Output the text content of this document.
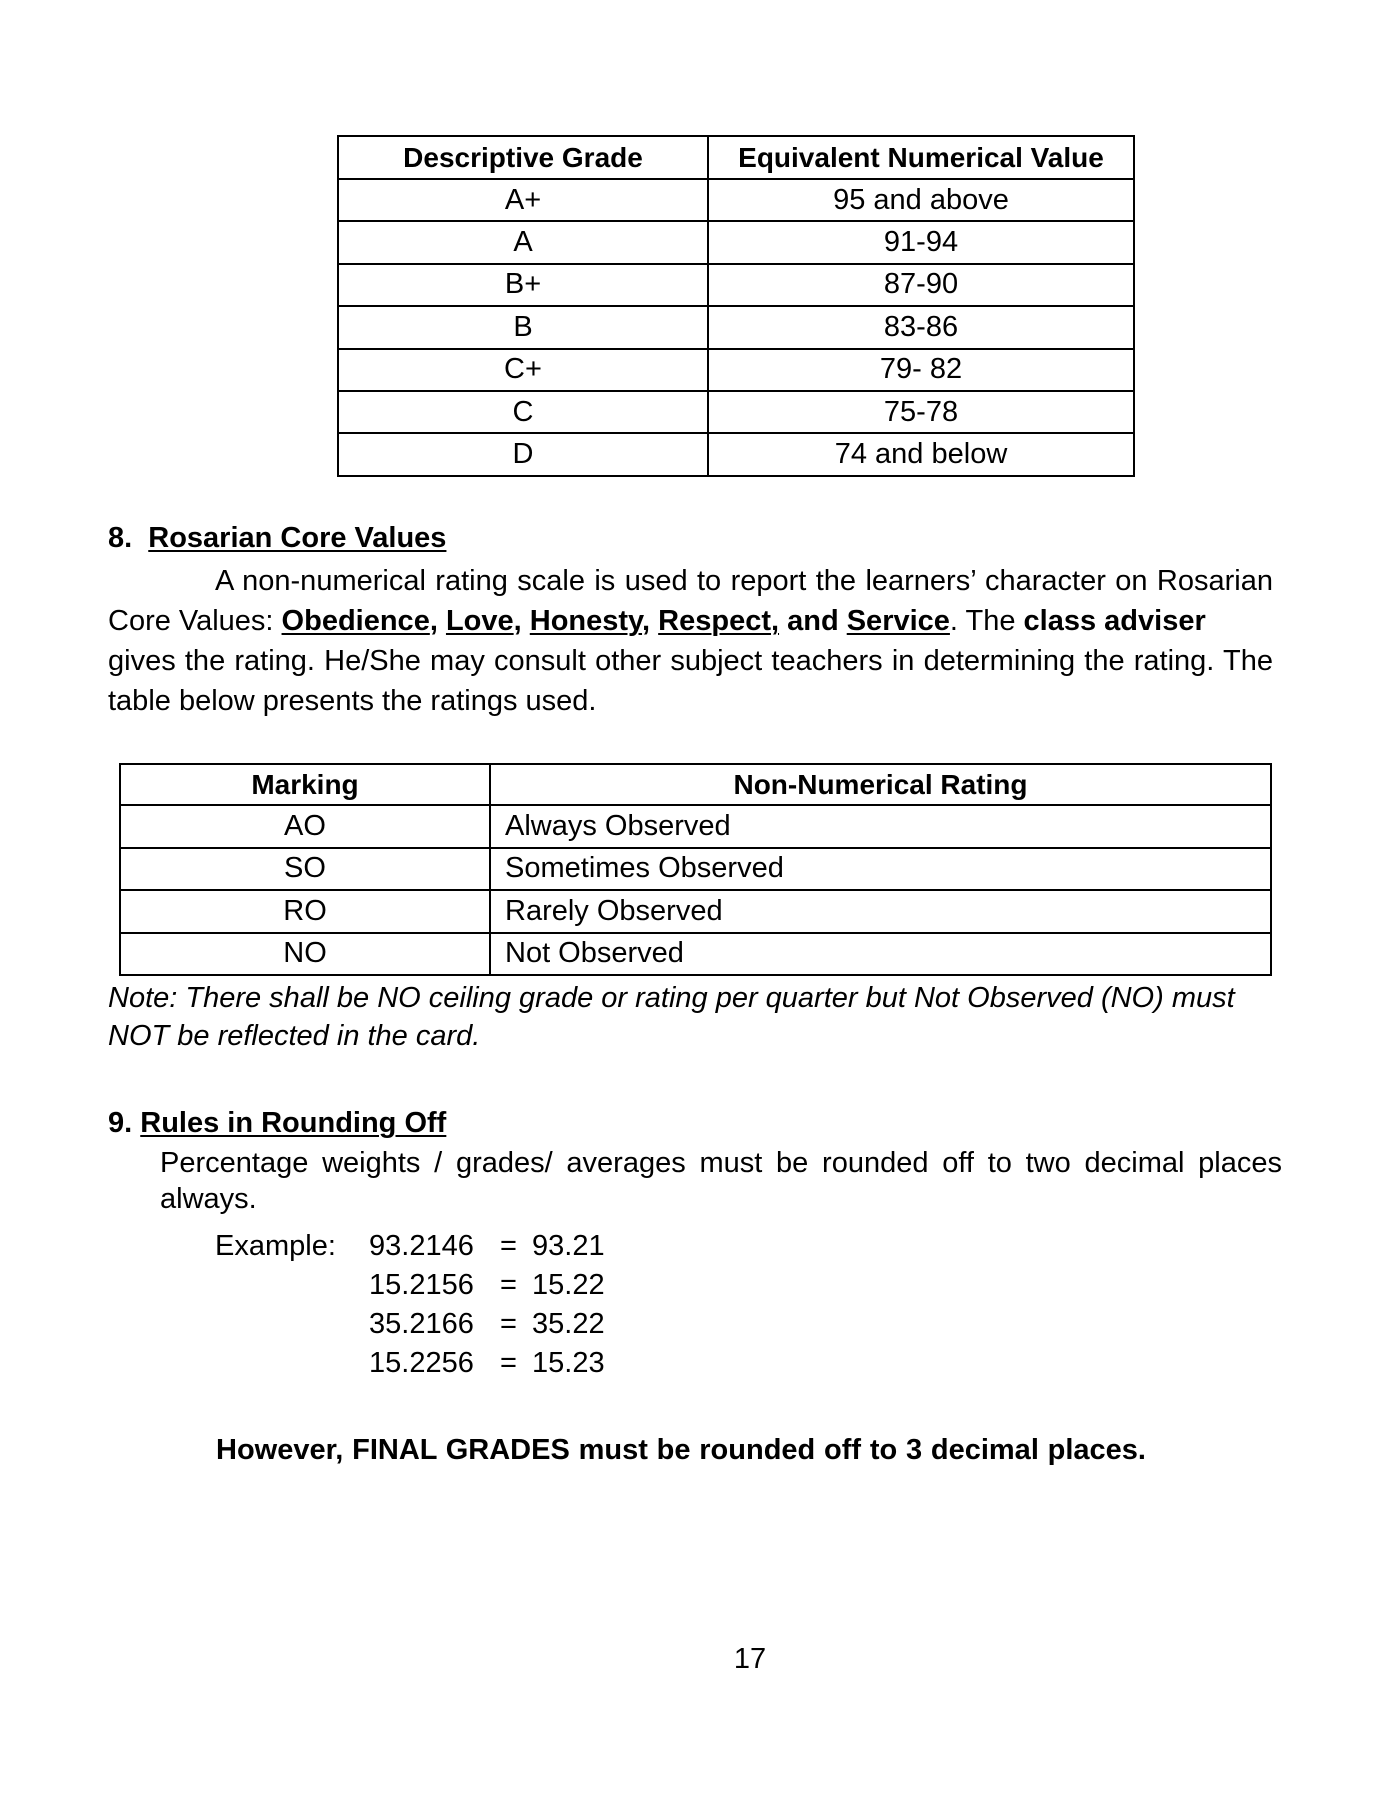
Descriptive Grade	Equivalent Numerical Value
A+	95 and above
A	91-94
B+	87-90
B	83-86
C+	79- 82
C	75-78
D	74 and below
8. Rosarian Core Values
A non-numerical rating scale is used to report the learners’ character on Rosarian
Core Values: Obedience, Love, Honesty, Respect, and Service. The class adviser
gives the rating. He/She may consult other subject teachers in determining the rating. The
table below presents the ratings used.
Marking	Non-Numerical Rating
AO	Always Observed
SO	Sometimes Observed
RO	Rarely Observed
NO	Not Observed
Note: There shall be NO ceiling grade or rating per quarter but Not Observed (NO) must
NOT be reflected in the card.
9. Rules in Rounding Off
Percentage weights / grades/ averages must be rounded off to two decimal places
always.
Example: 93.2146 = 93.21
15.2156 = 15.22
35.2166 = 35.22
15.2256 = 15.23
However, FINAL GRADES must be rounded off to 3 decimal places.
17
